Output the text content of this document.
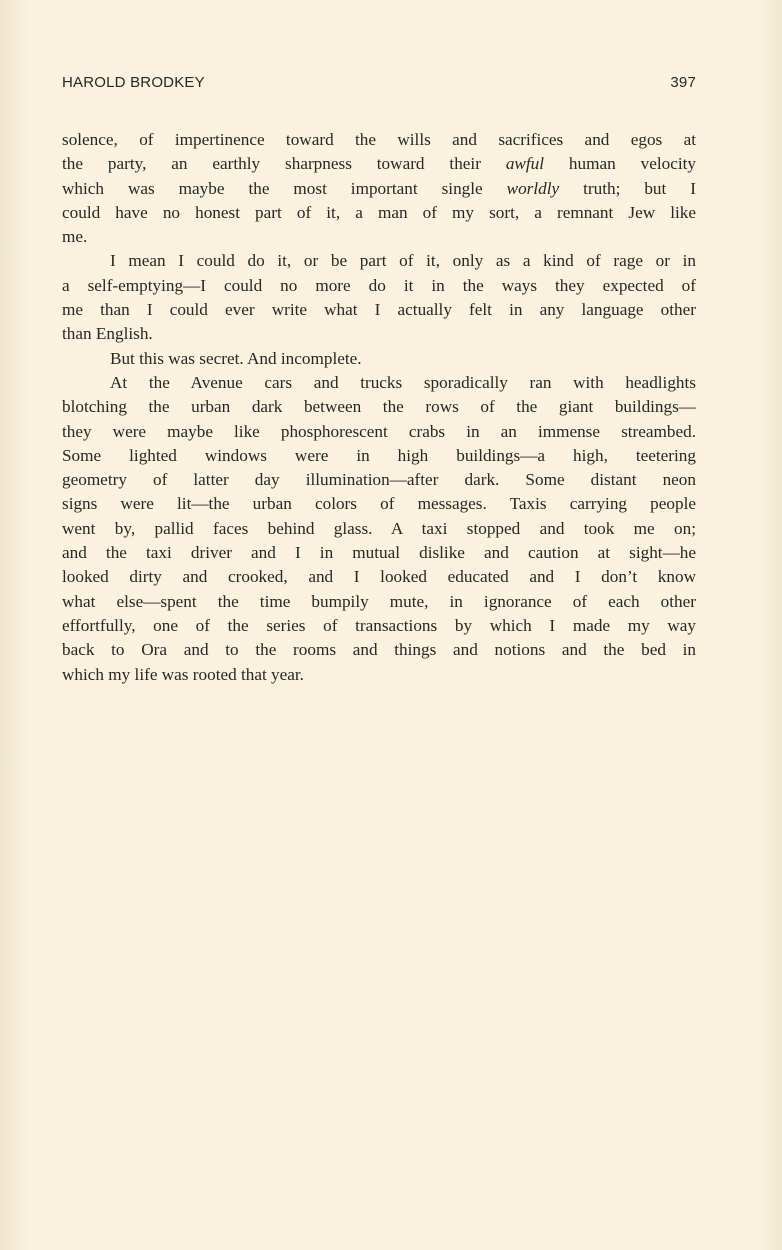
HAROLD BRODKEY	397
solence, of impertinence toward the wills and sacrifices and egos at
the party, an earthly sharpness toward their awful human velocity
which was maybe the most important single worldly truth; but I
could have no honest part of it, a man of my sort, a remnant Jew like
me.
I mean I could do it, or be part of it, only as a kind of rage or in
a self-emptying—I could no more do it in the ways they expected of
me than I could ever write what I actually felt in any language other
than English.
But this was secret. And incomplete.
At the Avenue cars and trucks sporadically ran with headlights
blotching the urban dark between the rows of the giant buildings—
they were maybe like phosphorescent crabs in an immense streambed.
Some lighted windows were in high buildings—a high, teetering
geometry of latter day illumination—after dark. Some distant neon
signs were lit—the urban colors of messages. Taxis carrying people
went by, pallid faces behind glass. A taxi stopped and took me on;
and the taxi driver and I in mutual dislike and caution at sight—he
looked dirty and crooked, and I looked educated and I don’t know
what else—spent the time bumpily mute, in ignorance of each other
effortfully, one of the series of transactions by which I made my way
back to Ora and to the rooms and things and notions and the bed in
which my life was rooted that year.
